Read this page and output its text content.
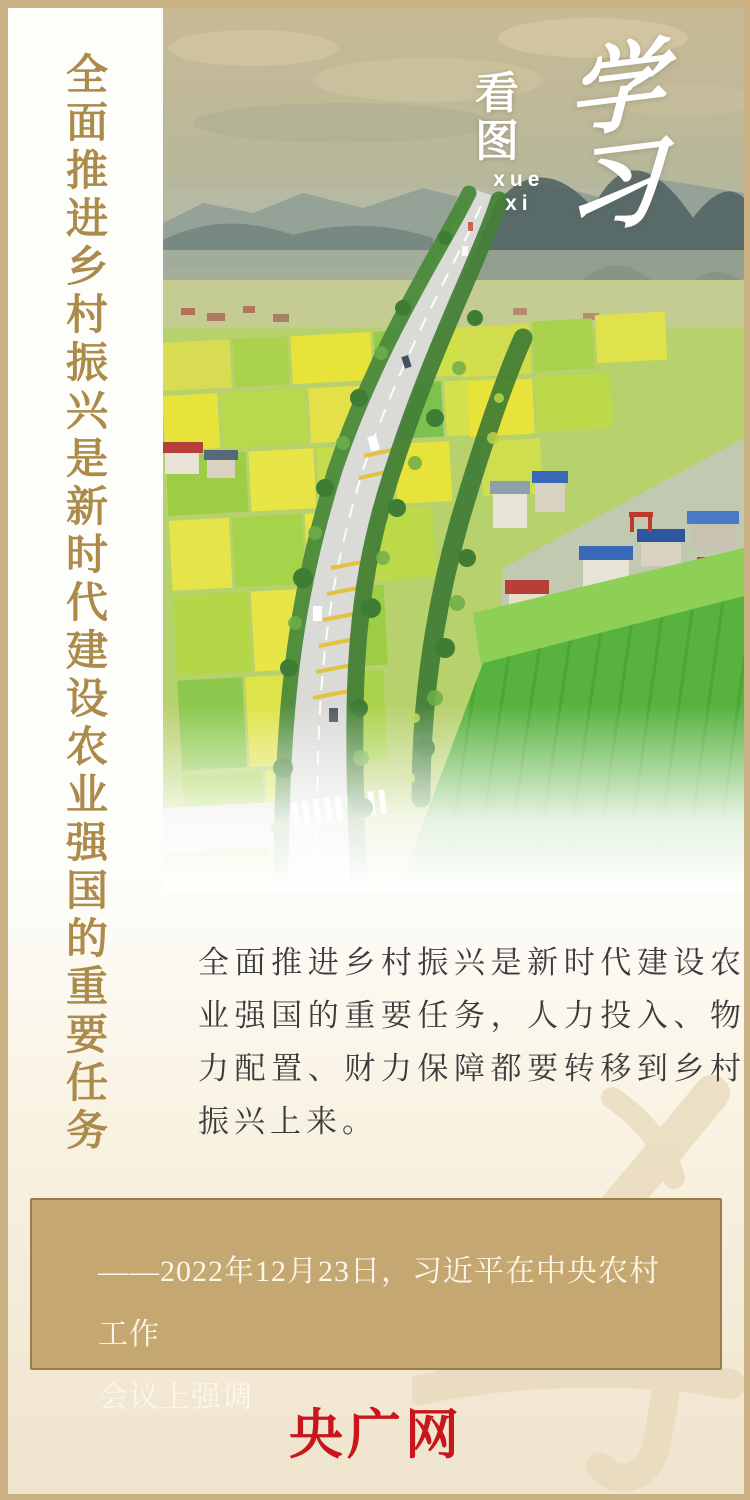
全面推进乡村振兴是新时代建设农业强国的重要任务	看图
xue xi
学习
全面推进乡村振兴是新时代建设农业强国的重要任务，人力投入、物力配置、财力保障都要转移到乡村振兴上来。
——2022年12月23日，习近平在中央农村工作
会议上强调
央广网
